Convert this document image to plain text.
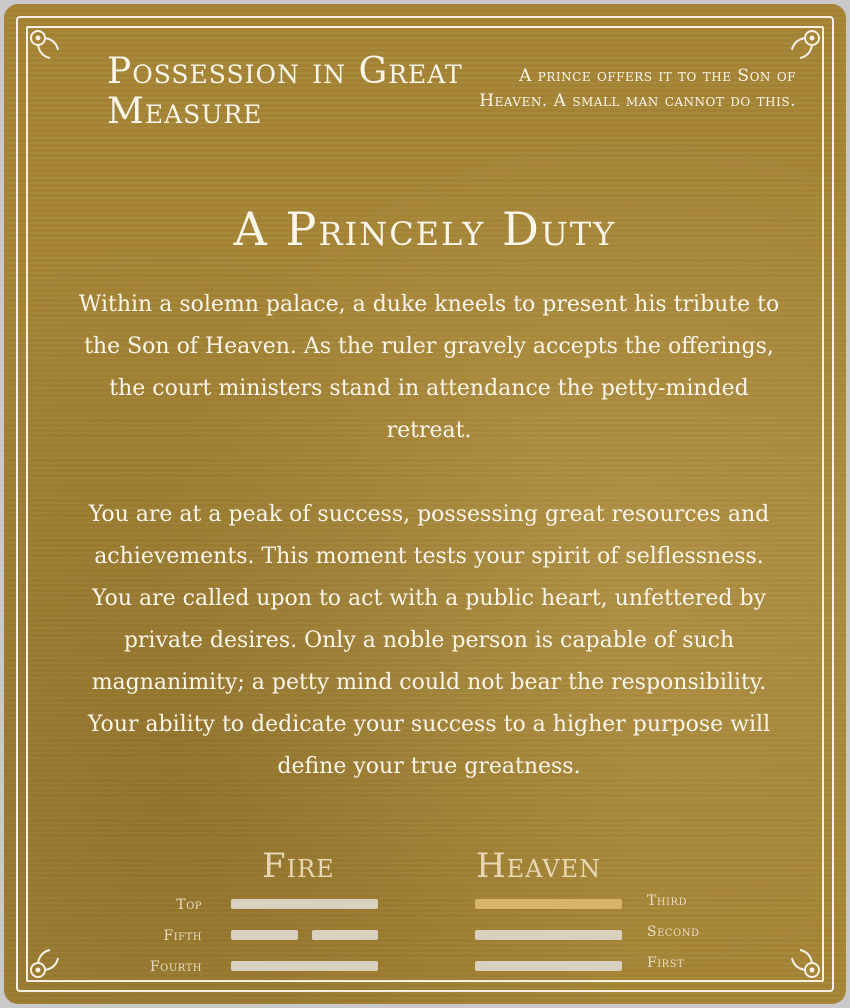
Possession in Great Measure
A prince offers it to the Son of Heaven. A small man cannot do this.
A Princely Duty
Within a solemn palace, a duke kneels to present his tribute to the Son of Heaven. As the ruler gravely accepts the offerings, the court ministers stand in attendance the petty-minded retreat.
You are at a peak of success, possessing great resources and achievements. This moment tests your spirit of selflessness. You are called upon to act with a public heart, unfettered by private desires. Only a noble person is capable of such magnanimity; a petty mind could not bear the responsibility. Your ability to dedicate your success to a higher purpose will define your true greatness.
Fire	Heaven
Top
Fifth
Fourth
Third
Second
First
